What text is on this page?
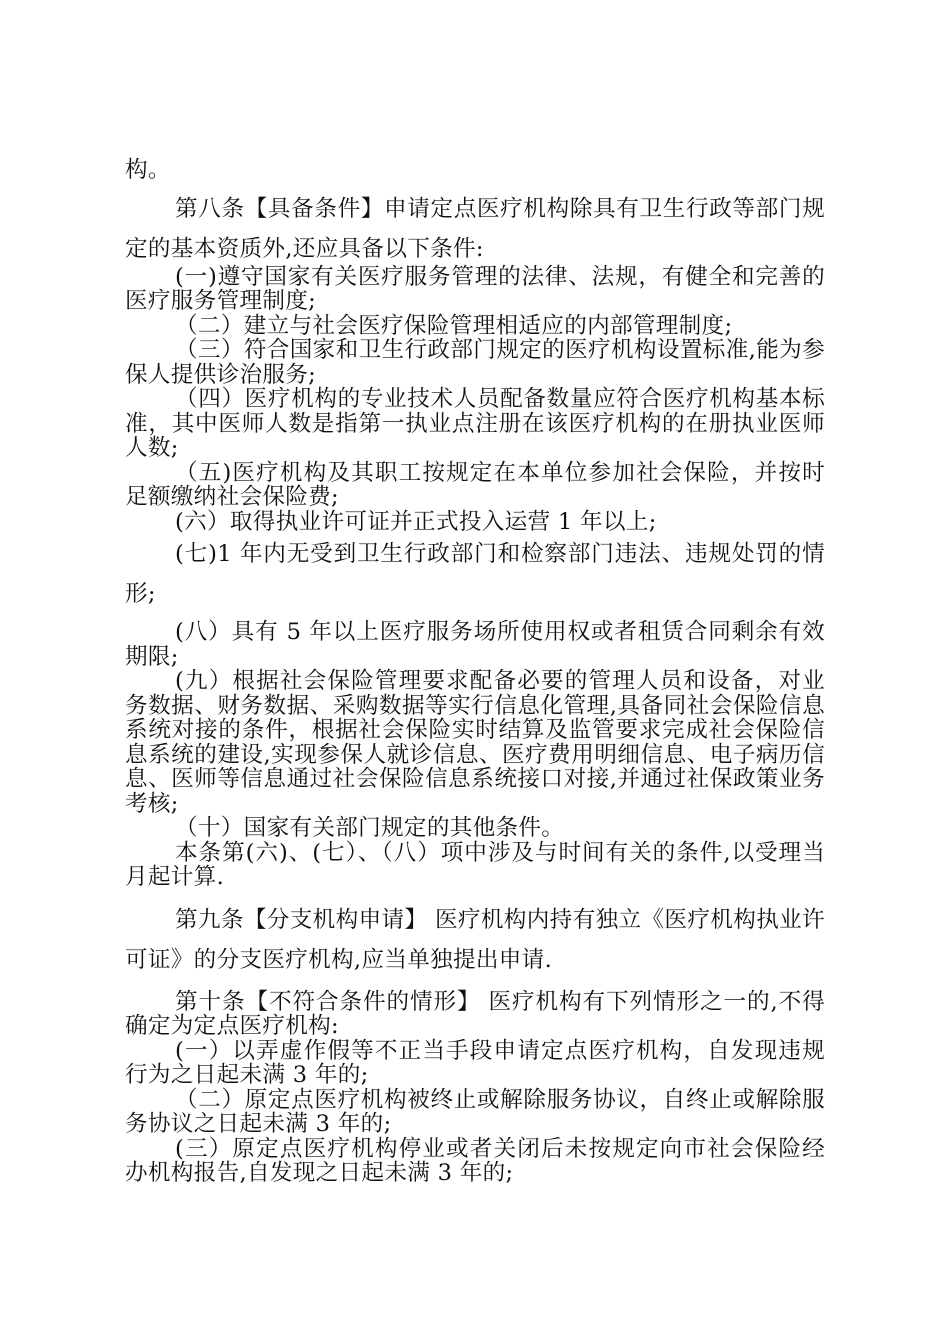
构。

第八条【具备条件】申请定点医疗机构除具有卫生行政等部门规定的基本资质外,还应具备以下条件:

(一)遵守国家有关医疗服务管理的法律、法规，有健全和完善的医疗服务管理制度;

（二）建立与社会医疗保险管理相适应的内部管理制度;

（三）符合国家和卫生行政部门规定的医疗机构设置标准,能为参保人提供诊治服务;

（四）医疗机构的专业技术人员配备数量应符合医疗机构基本标准，其中医师人数是指第一执业点注册在该医疗机构的在册执业医师人数;

（五)医疗机构及其职工按规定在本单位参加社会保险，并按时足额缴纳社会保险费;

(六）取得执业许可证并正式投入运营 1 年以上;

(七)1 年内无受到卫生行政部门和检察部门违法、违规处罚的情形;

(八）具有 5 年以上医疗服务场所使用权或者租赁合同剩余有效期限;

(九）根据社会保险管理要求配备必要的管理人员和设备，对业务数据、财务数据、采购数据等实行信息化管理,具备同社会保险信息系统对接的条件，根据社会保险实时结算及监管要求完成社会保险信息系统的建设,实现参保人就诊信息、医疗费用明细信息、电子病历信息、医师等信息通过社会保险信息系统接口对接,并通过社保政策业务考核;

（十）国家有关部门规定的其他条件。

本条第(六)、(七）、（八）项中涉及与时间有关的条件,以受理当月起计算.

第九条【分支机构申请】 医疗机构内持有独立《医疗机构执业许可证》的分支医疗机构,应当单独提出申请.

第十条【不符合条件的情形】 医疗机构有下列情形之一的,不得确定为定点医疗机构:

(一）以弄虚作假等不正当手段申请定点医疗机构，自发现违规行为之日起未满 3 年的;

（二）原定点医疗机构被终止或解除服务协议，自终止或解除服务协议之日起未满 3 年的;

(三）原定点医疗机构停业或者关闭后未按规定向市社会保险经办机构报告,自发现之日起未满 3 年的;
